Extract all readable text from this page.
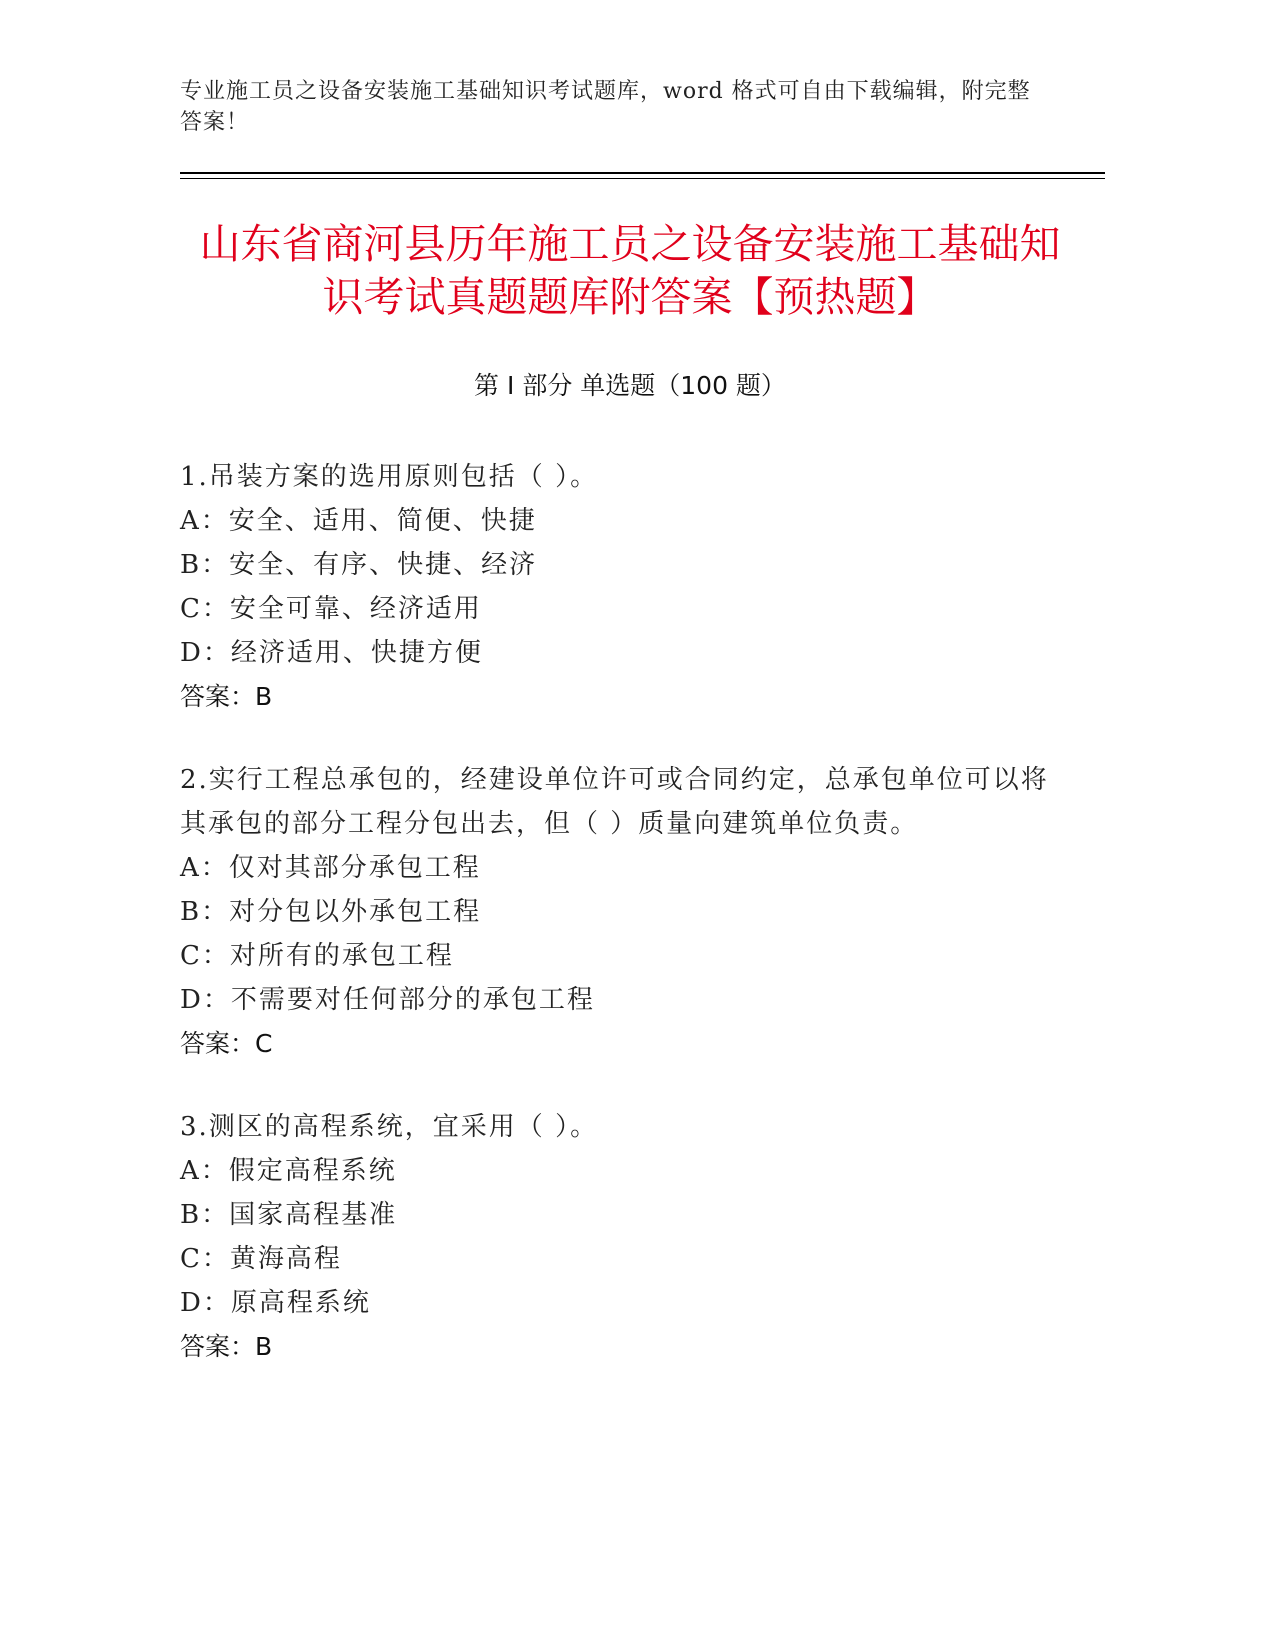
专业施工员之设备安装施工基础知识考试题库，word 格式可自由下载编辑，附完整答案！
山东省商河县历年施工员之设备安装施工基础知识考试真题题库附答案【预热题】
第 I 部分 单选题（100 题）
1.吊装方案的选用原则包括（ ）。
A：安全、适用、简便、快捷
B：安全、有序、快捷、经济
C：安全可靠、经济适用
D：经济适用、快捷方便
答案：B
2.实行工程总承包的，经建设单位许可或合同约定，总承包单位可以将其承包的部分工程分包出去，但（ ）质量向建筑单位负责。
A：仅对其部分承包工程
B：对分包以外承包工程
C：对所有的承包工程
D：不需要对任何部分的承包工程
答案：C
3.测区的高程系统，宜采用（ ）。
A：假定高程系统
B：国家高程基准
C：黄海高程
D：原高程系统
答案：B
